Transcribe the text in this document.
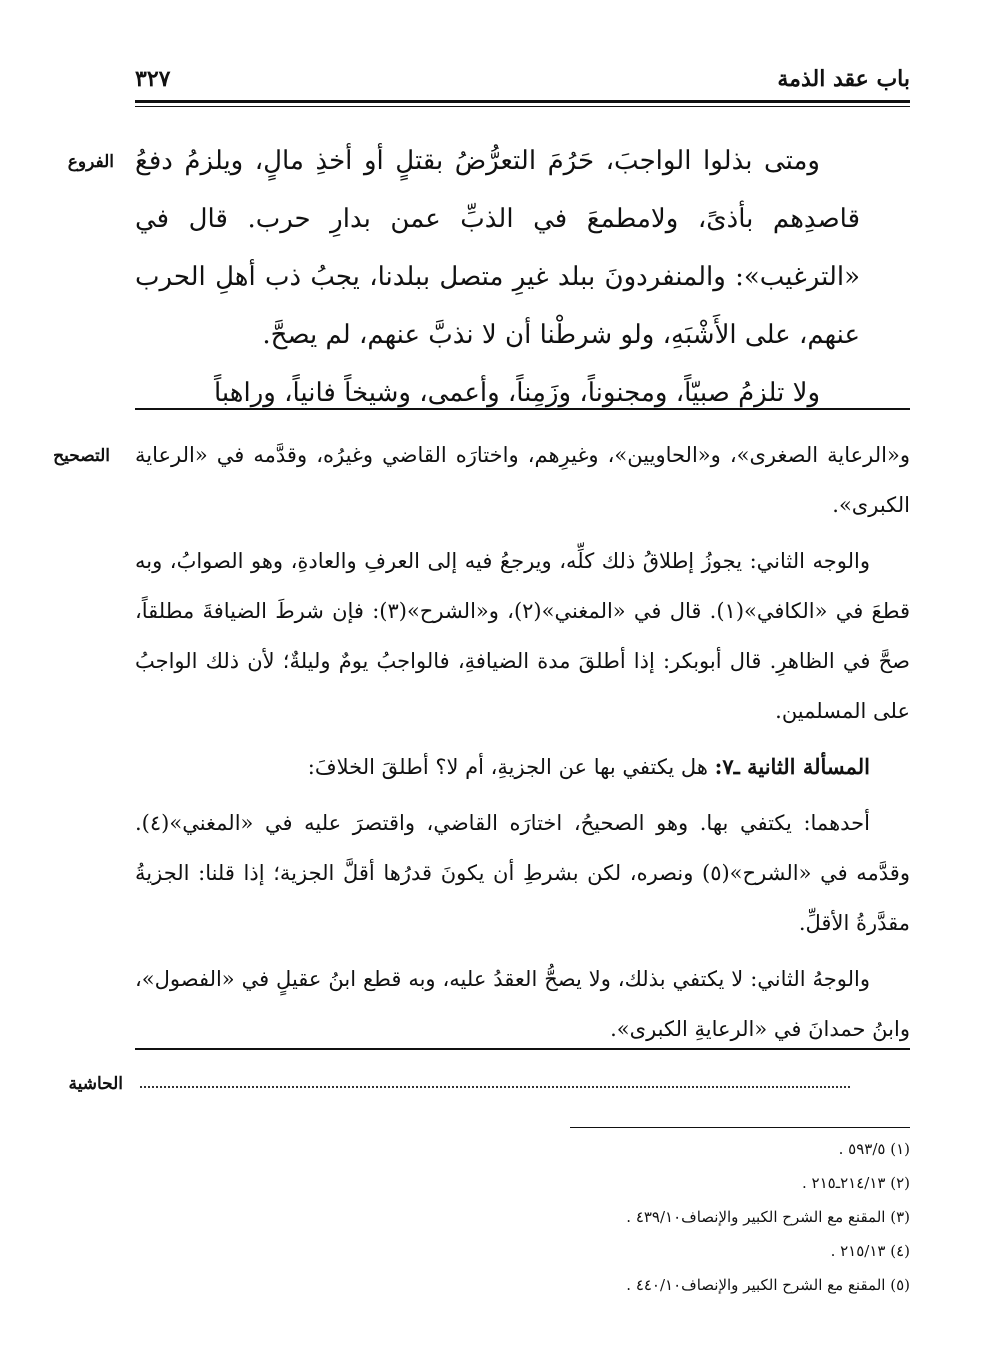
باب عقد الذمة
٣٢٧
الفروع ومتى بذلوا الواجبَ، حَرُمَ التعرُّضُ بقتلٍ أو أخذِ مالٍ، ويلزمُ دفعُ قاصدِهم بأذىً، ولامطمعَ في الذبِّ عمن بدارِ حرب. قال في «الترغيب»: والمنفردونَ ببلد غيرِ متصل ببلدنا، يجبُ ذب أهلِ الحرب عنهم، على الأَشْبَهِ، ولو شرطْنا أن لا نذبَّ عنهم، لم يصحَّ.

ولا تلزمُ صبيّاً، ومجنوناً، وزَمِناً، وأعمى، وشيخاً فانياً، وراهباً

التصحيح و«الرعاية الصغرى»، و«الحاويين»، وغيرِهم، واختارَه القاضي وغيرُه، وقدَّمه في «الرعاية الكبرى».

والوجه الثاني: يجوزُ إطلاقُ ذلك كلِّه، ويرجعُ فيه إلى العرفِ والعادةِ، وهو الصوابُ، وبه قطعَ في «الكافي»(١). قال في «المغني»(٢)، و«الشرح»(٣): فإن شرطَ الضيافةَ مطلقاً، صحَّ في الظاهرِ. قال أبوبكر: إذا أطلقَ مدة الضيافةِ، فالواجبُ يومٌ وليلةٌ؛ لأن ذلك الواجبُ على المسلمين.

المسألة الثانية ـ٧: هل يكتفي بها عن الجزيةِ، أم لا؟ أطلقَ الخلافَ:

أحدهما: يكتفي بها. وهو الصحيحُ، اختارَه القاضي، واقتصرَ عليه في «المغني»(٤). وقدَّمه في «الشرح»(٥) ونصره، لكن بشرطِ أن يكونَ قدرُها أقلَّ الجزية؛ إذا قلنا: الجزيةُ مقدَّرةُ الأقلِّ.

والوجهُ الثاني: لا يكتفي بذلك، ولا يصحُّ العقدُ عليه، وبه قطع ابنُ عقيلٍ في «الفصول»، وابنُ حمدانَ في «الرعايةِ الكبرى».

الحاشية
(١) ٥٩٣/٥ .
(٢) ٢١٤/١٣ـ٢١٥ .
(٣) المقنع مع الشرح الكبير والإنصاف٤٣٩/١٠ .
(٤) ٢١٥/١٣ .
(٥) المقنع مع الشرح الكبير والإنصاف٤٤٠/١٠ .
